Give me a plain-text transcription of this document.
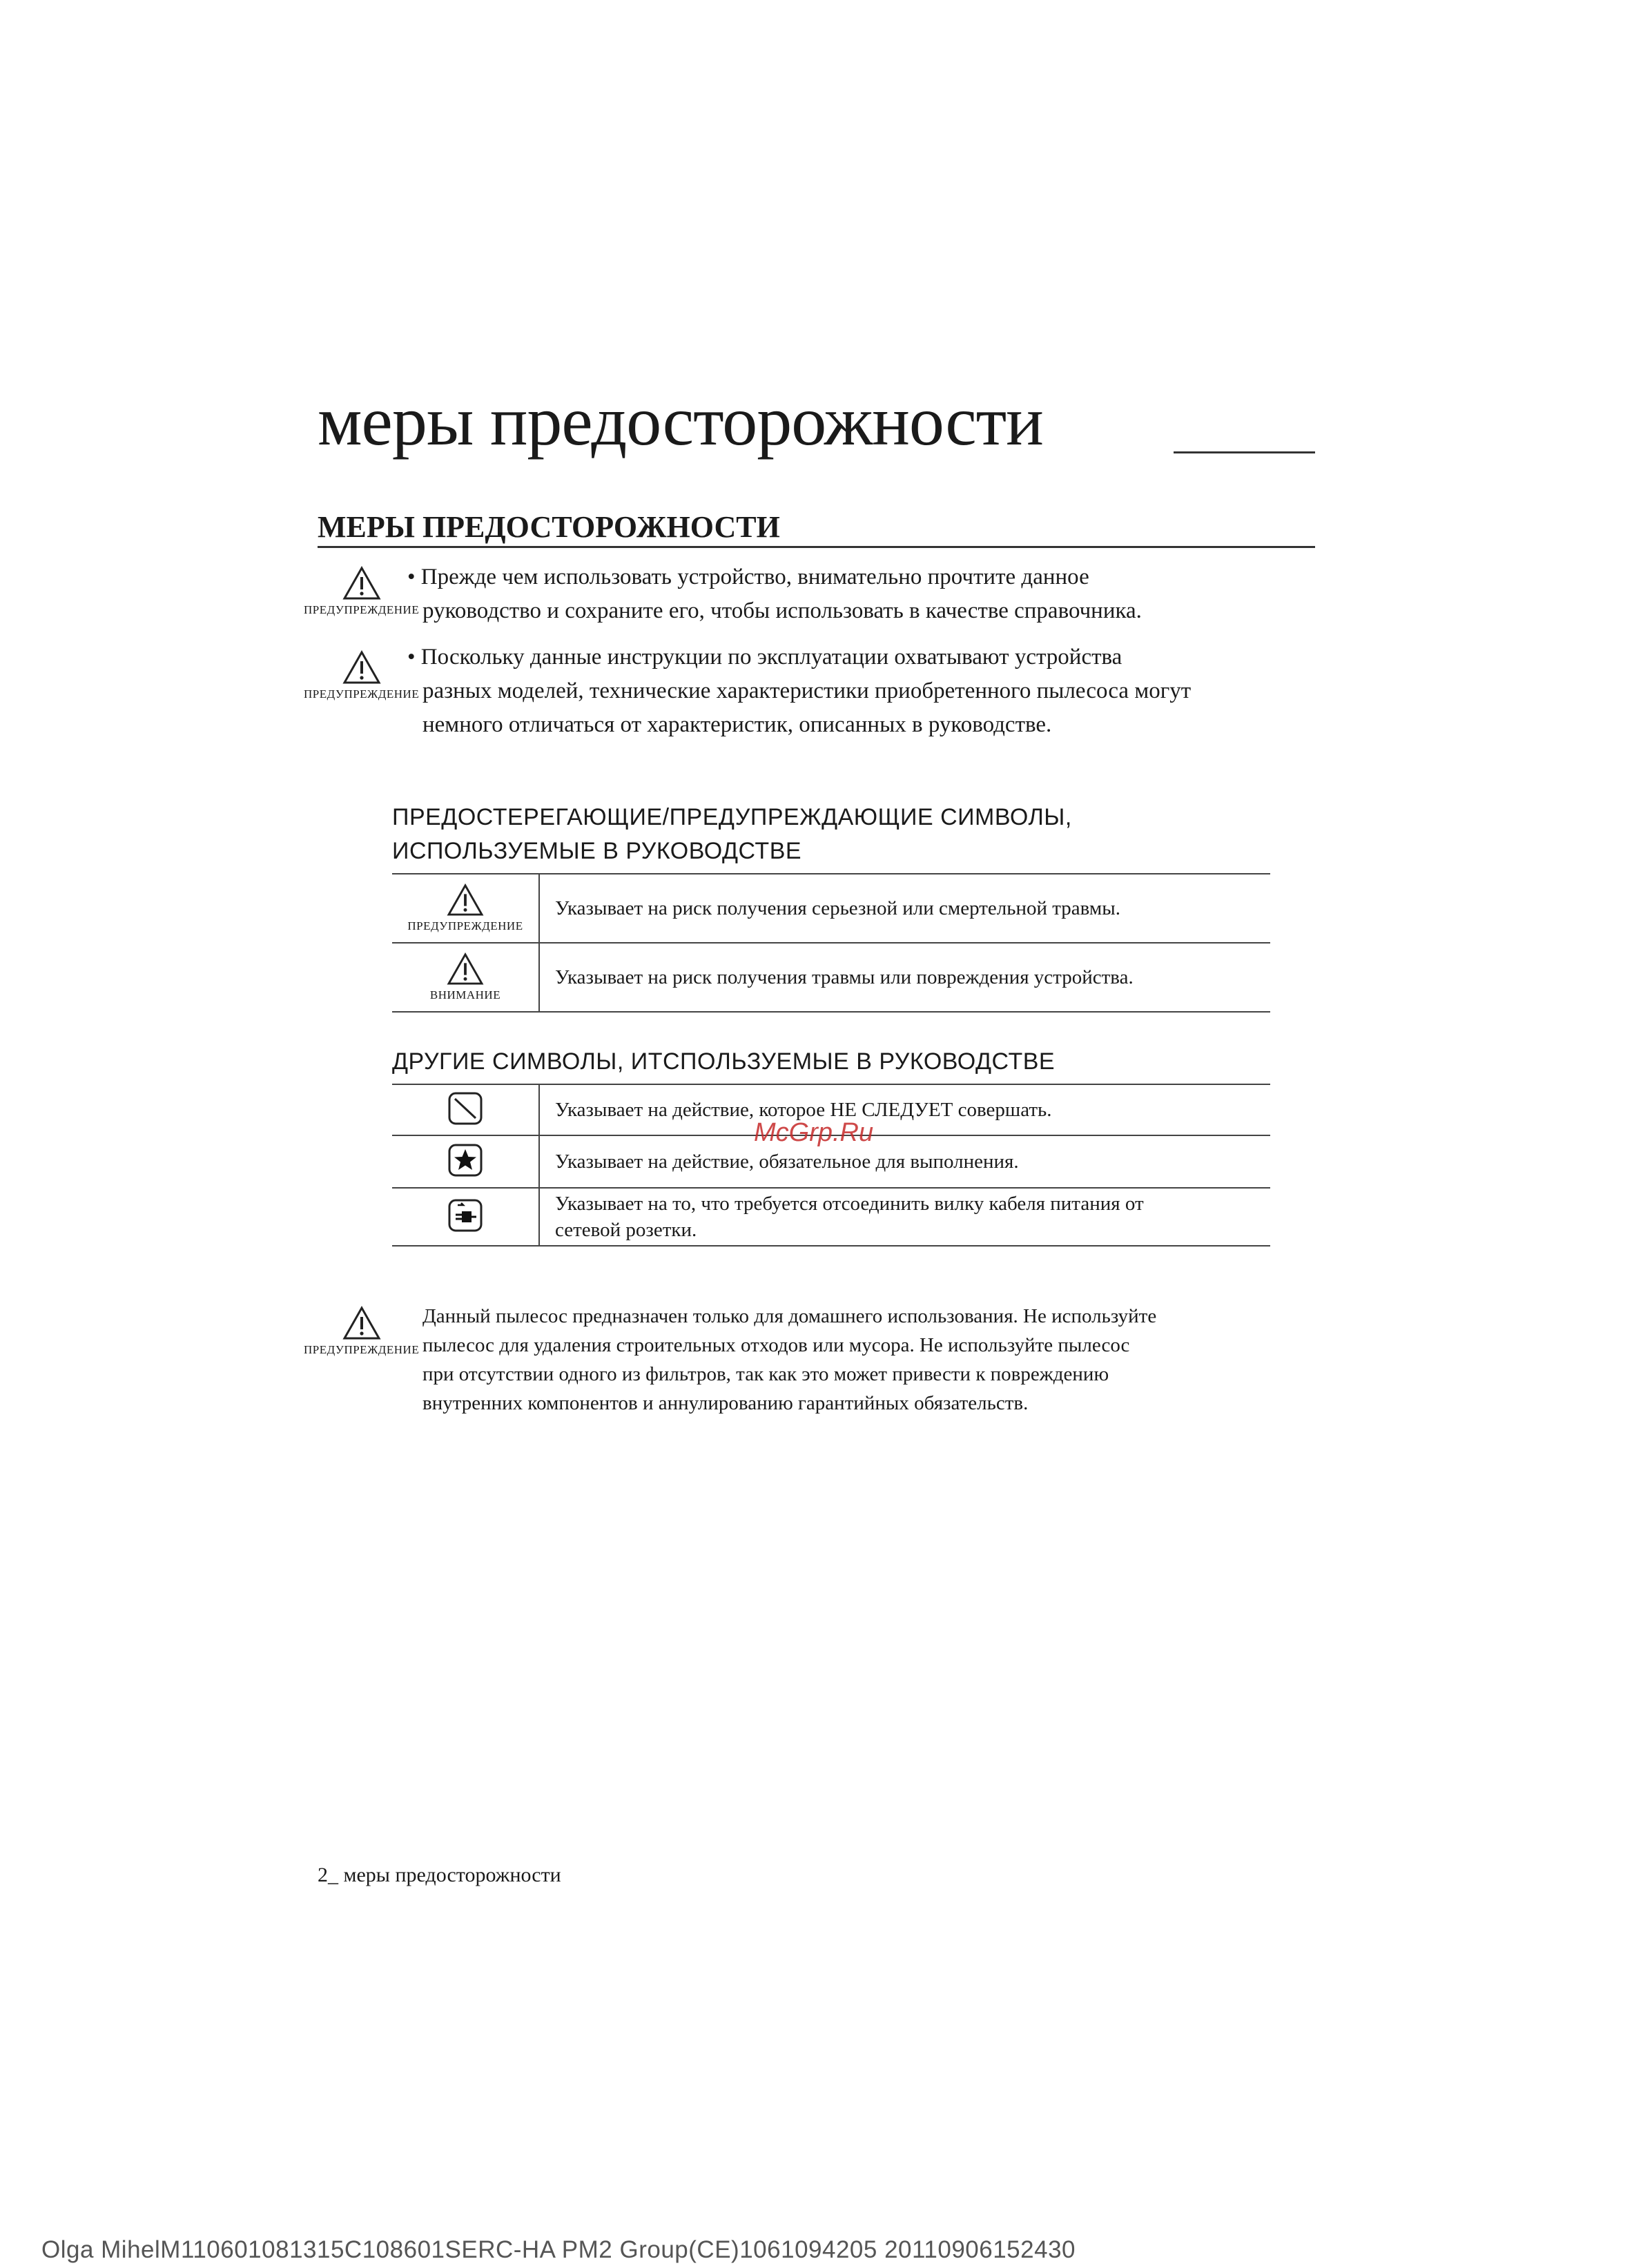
меры предосторожности
МЕРЫ ПРЕДОСТОРОЖНОСТИ
ПРЕДУПРЕЖДЕНИЕ
• Прежде чем использовать устройство, внимательно прочтите данное
руководство и сохраните его, чтобы использовать в качестве справочника.
ПРЕДУПРЕЖДЕНИЕ
• Поскольку данные инструкции по эксплуатации охватывают устройства
разных моделей, технические характеристики приобретенного пылесоса могут
немного отличаться от характеристик, описанных в руководстве.
ПРЕДОСТЕРЕГАЮЩИЕ/ПРЕДУПРЕЖДАЮЩИЕ СИМВОЛЫ,
ИСПОЛЬЗУЕМЫЕ В РУКОВОДСТВЕ
ПРЕДУПРЕЖДЕНИЕ	Указывает на риск получения серьезной или смертельной травмы.

ВНИМАНИЕ	Указывает на риск получения травмы или повреждения устройства.
ДРУГИЕ СИМВОЛЫ, ИТСПОЛЬЗУЕМЫЕ В РУКОВОДСТВЕ
	Указывает на действие, которое НЕ СЛЕДУЕТ совершать.
	Указывает на действие, обязательное для выполнения.

Указывает на то, что требуется отсоединить вилку кабеля питания от
сетевой розетки.
ПРЕДУПРЕЖДЕНИЕ
Данный пылесос предназначен только для домашнего использования. Не используйте
пылесос для удаления строительных отходов или мусора. Не используйте пылесос
при отсутствии одного из фильтров, так как это может привести к повреждению
внутренних компонентов и аннулированию гарантийных обязательств.
McGrp.Ru
2_ меры предосторожности
Olga MihelM110601081315C108601SERC-HA PM2 Group(CE)1061094205 20110906152430
